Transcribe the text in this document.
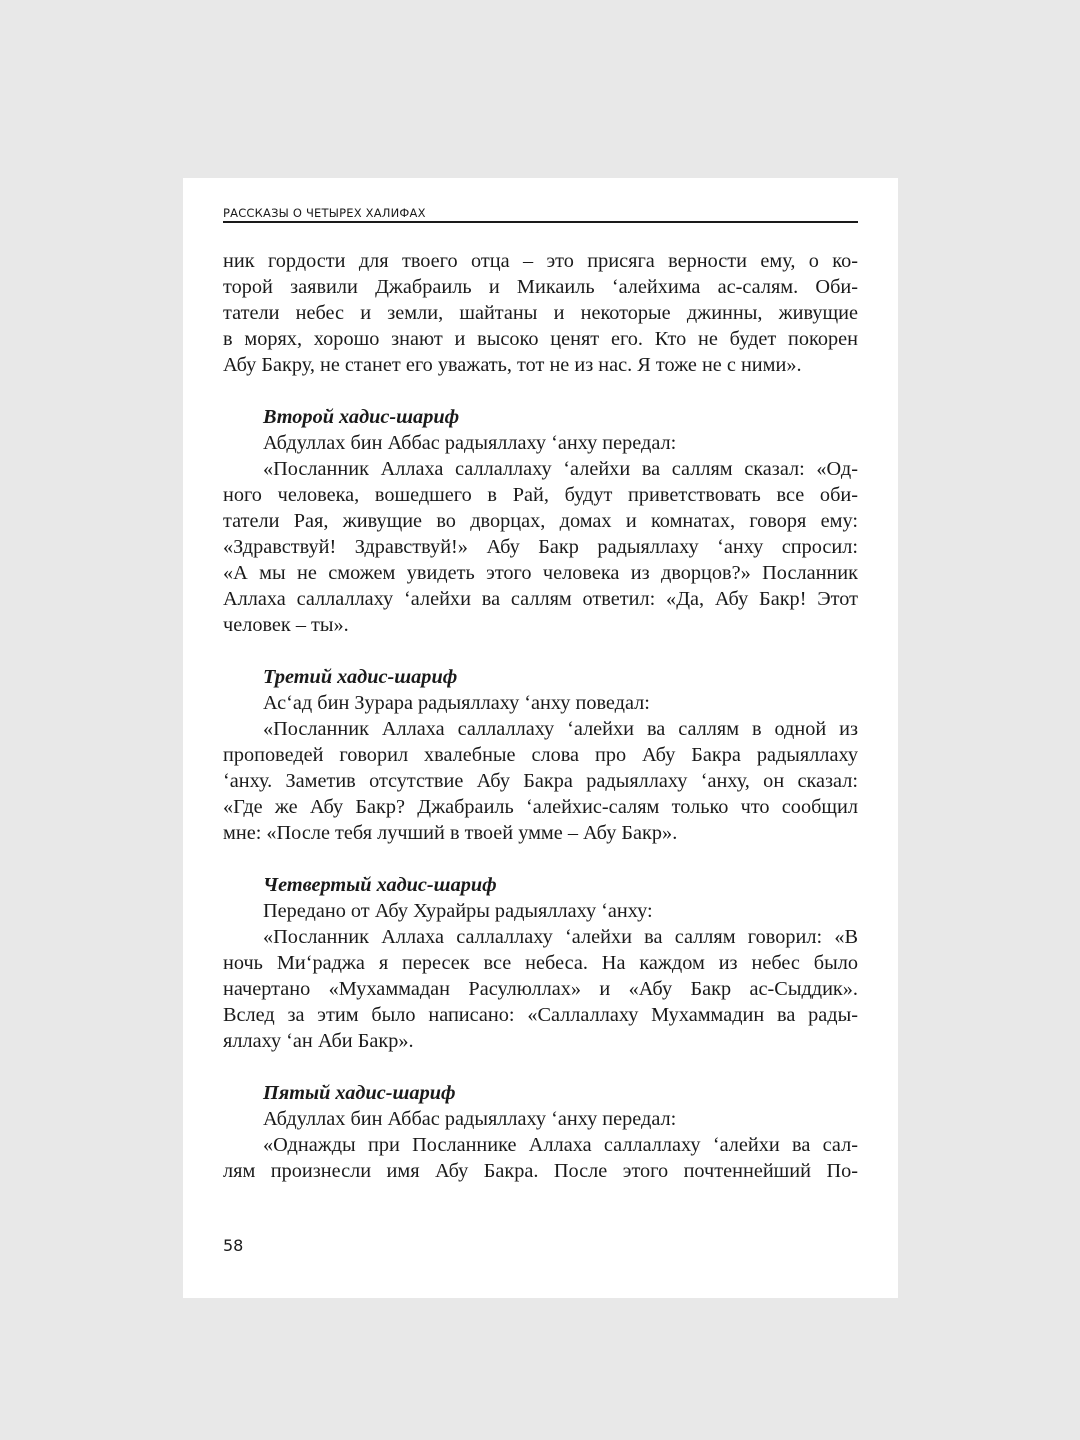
РАССКАЗЫ О ЧЕТЫРЕХ ХАЛИФАХ
ник гордости для твоего отца – это присяга верности ему, о ко-
торой заявили Джабраиль и Микаиль ʻалейхима ас-салям. Оби-
татели небес и земли, шайтаны и некоторые джинны, живущие
в морях, хорошо знают и высоко ценят его. Кто не будет покорен
Абу Бакру, не станет его уважать, тот не из нас. Я тоже не с ними».
Второй хадис-шариф
Абдуллах бин Аббас радыяллаху ʻанху передал:
«Посланник Аллаха саллаллаху ʻалейхи ва саллям сказал: «Од-
ного человека, вошедшего в Рай, будут приветствовать все оби-
татели Рая, живущие во дворцах, домах и комнатах, говоря ему:
«Здравствуй! Здравствуй!» Абу Бакр радыяллаху ʻанху спросил:
«А мы не сможем увидеть этого человека из дворцов?» Посланник
Аллаха саллаллаху ʻалейхи ва саллям ответил: «Да, Абу Бакр! Этот
человек – ты».
Третий хадис-шариф
Асʻад бин Зурара радыяллаху ʻанху поведал:
«Посланник Аллаха саллаллаху ʻалейхи ва саллям в одной из
проповедей говорил хвалебные слова про Абу Бакра радыяллаху
ʻанху. Заметив отсутствие Абу Бакра радыяллаху ʻанху, он сказал:
«Где же Абу Бакр? Джабраиль ʻалейхис-салям только что сообщил
мне: «После тебя лучший в твоей умме – Абу Бакр».
Четвертый хадис-шариф
Передано от Абу Хурайры радыяллаху ʻанху:
«Посланник Аллаха саллаллаху ʻалейхи ва саллям говорил: «В
ночь Миʻраджа я пересек все небеса. На каждом из небес было
начертано «Мухаммадан Расулюллах» и «Абу Бакр ас-Сыддик».
Вслед за этим было написано: «Саллаллаху Мухаммадин ва рады-
яллаху ʻан Аби Бакр».
Пятый хадис-шариф
Абдуллах бин Аббас радыяллаху ʻанху передал:
«Однажды при Посланнике Аллаха саллаллаху ʻалейхи ва сал-
лям произнесли имя Абу Бакра. После этого почтеннейший По-
58
